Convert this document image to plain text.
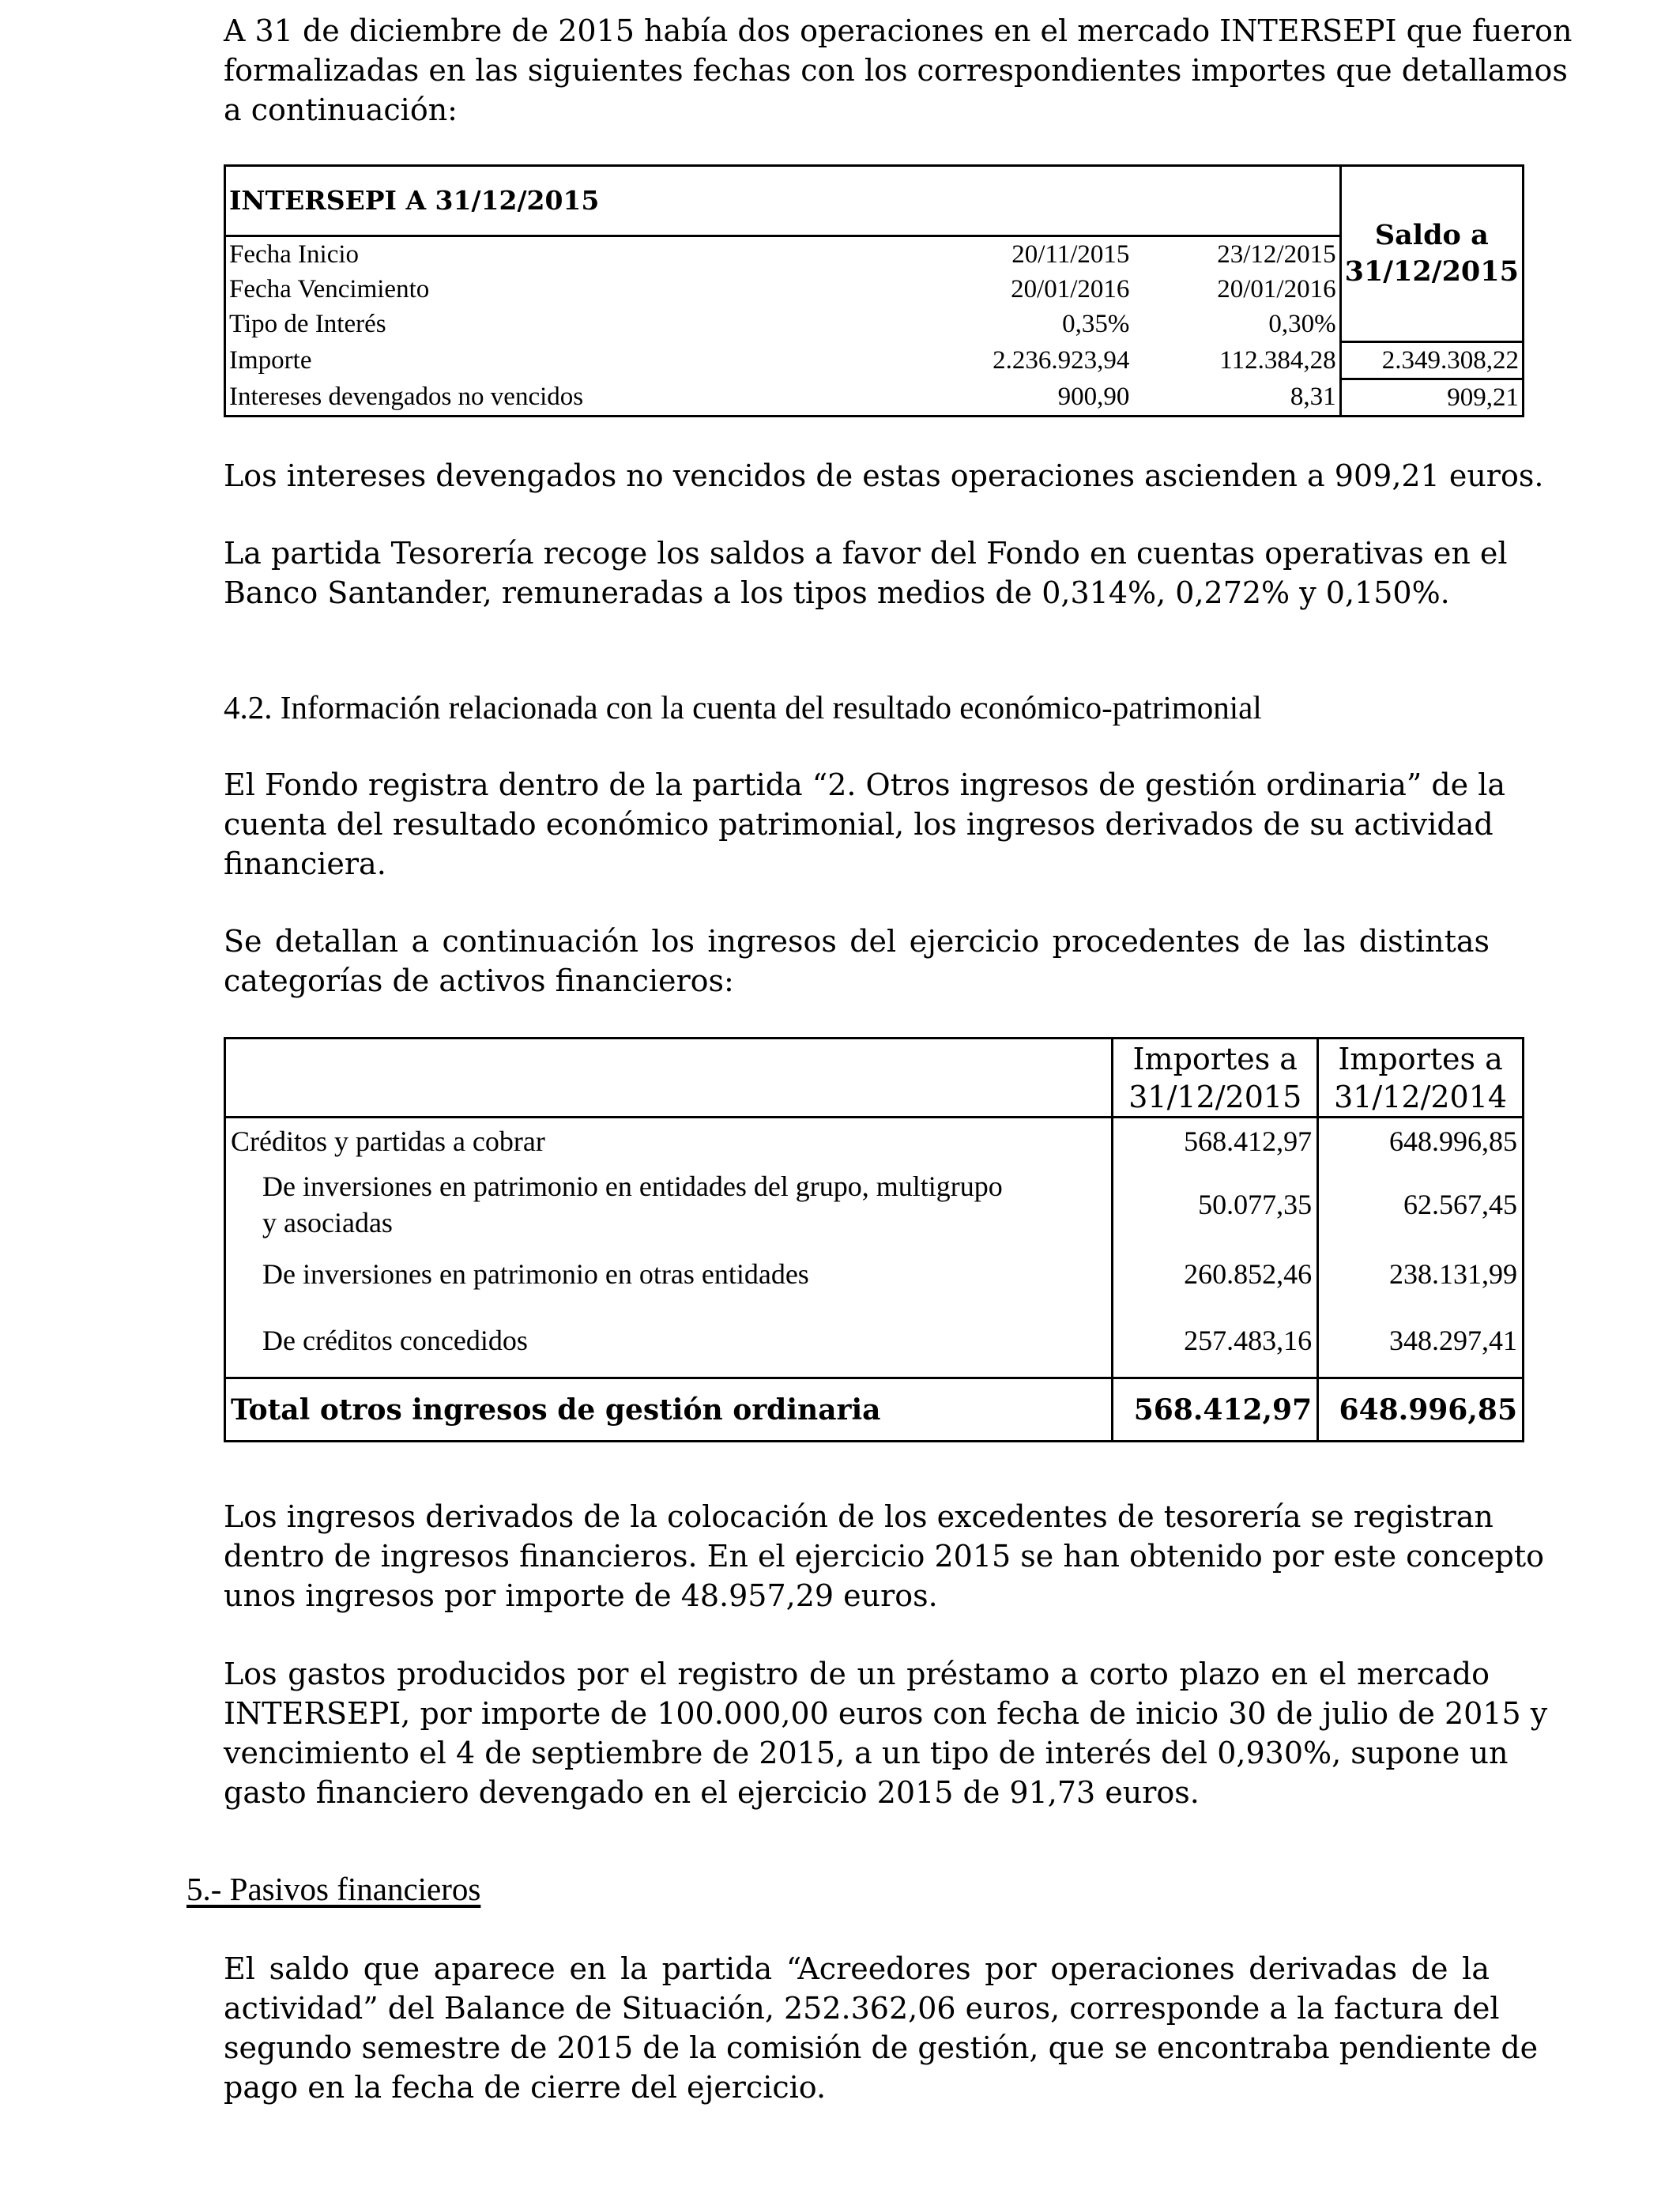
A 31 de diciembre de 2015 había dos operaciones en el mercado INTERSEPI que fueron
formalizadas en las siguientes fechas con los correspondientes importes que detallamos
a continuación:
INTERSEPI A 31/12/2015			Saldo a 31/12/2015
Fecha Inicio	20/11/2015	23/12/2015	
Fecha Vencimiento	20/01/2016	20/01/2016	
Tipo de Interés	0,35%	0,30%	
Importe	2.236.923,94	112.384,28	2.349.308,22
Intereses devengados no vencidos	900,90	8,31	909,21
Los intereses devengados no vencidos de estas operaciones ascienden a 909,21 euros.
La partida Tesorería recoge los saldos a favor del Fondo en cuentas operativas en el
Banco Santander, remuneradas a los tipos medios de 0,314%, 0,272% y 0,150%.
4.2. Información relacionada con la cuenta del resultado económico-patrimonial
El Fondo registra dentro de la partida “2. Otros ingresos de gestión ordinaria” de la
cuenta del resultado económico patrimonial, los ingresos derivados de su actividad
financiera.
Se detallan a continuación los ingresos del ejercicio procedentes de las distintas
categorías de activos financieros:
	Importes a 31/12/2015	Importes a 31/12/2014
Créditos y partidas a cobrar	568.412,97	648.996,85
De inversiones en patrimonio en entidades del grupo, multigrupo y asociadas	50.077,35	62.567,45
De inversiones en patrimonio en otras entidades	260.852,46	238.131,99
De créditos concedidos	257.483,16	348.297,41
Total otros ingresos de gestión ordinaria	568.412,97	648.996,85
Los ingresos derivados de la colocación de los excedentes de tesorería se registran
dentro de ingresos financieros. En el ejercicio 2015 se han obtenido por este concepto
unos ingresos por importe de 48.957,29 euros.
Los gastos producidos por el registro de un préstamo a corto plazo en el mercado
INTERSEPI, por importe de 100.000,00 euros con fecha de inicio 30 de julio de 2015 y
vencimiento el 4 de septiembre de 2015, a un tipo de interés del 0,930%, supone un
gasto financiero devengado en el ejercicio 2015 de 91,73 euros.
5.- Pasivos financieros
El saldo que aparece en la partida “Acreedores por operaciones derivadas de la
actividad” del Balance de Situación, 252.362,06 euros, corresponde a la factura del
segundo semestre de 2015 de la comisión de gestión, que se encontraba pendiente de
pago en la fecha de cierre del ejercicio.
